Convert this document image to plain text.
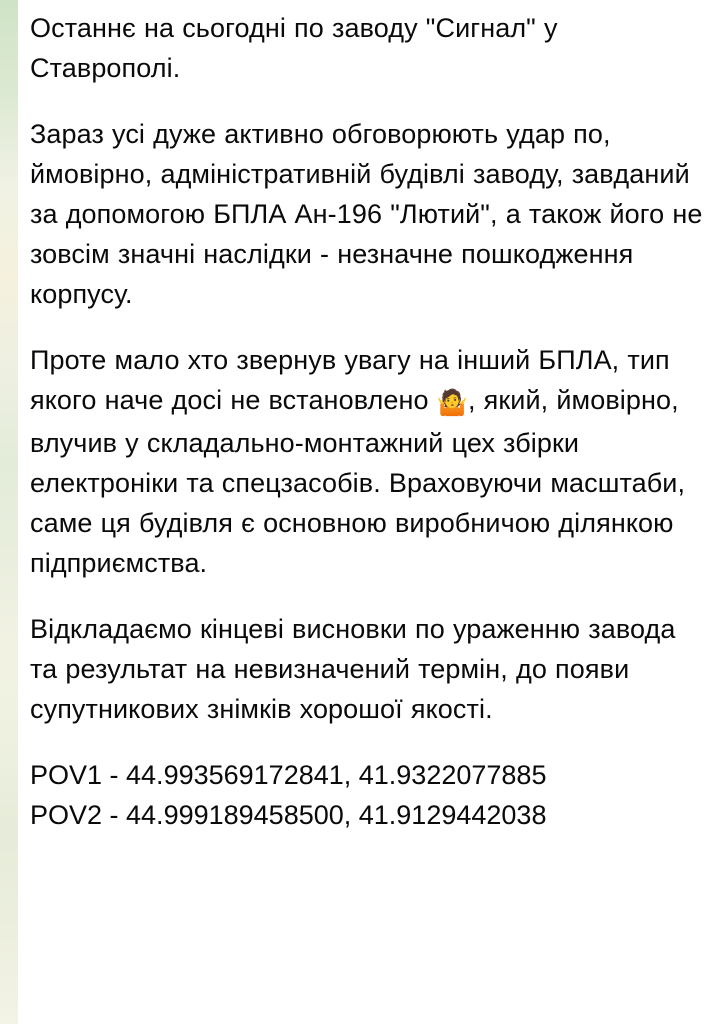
Останнє на сьогодні по заводу "Сигнал" у Ставрополі.

Зараз усі дуже активно обговорюють удар по, ймовірно, адміністративній будівлі заводу, завданий за допомогою БПЛА Ан-196 "Лютий", а також його не зовсім значні наслідки - незначне пошкодження корпусу.

Проте мало хто звернув увагу на інший БПЛА, тип якого наче досі не встановлено 🤷, який, ймовірно, влучив у складально-монтажний цех збірки електроніки та спецзасобів. Враховуючи масштаби, саме ця будівля є основною виробничою ділянкою підприємства.

Відкладаємо кінцеві висновки по ураженню завода та результат на невизначений термін, до появи супутникових знімків хорошої якості.

POV1 - 44.993569172841, 41.9322077885
POV2 - 44.999189458500, 41.9129442038
